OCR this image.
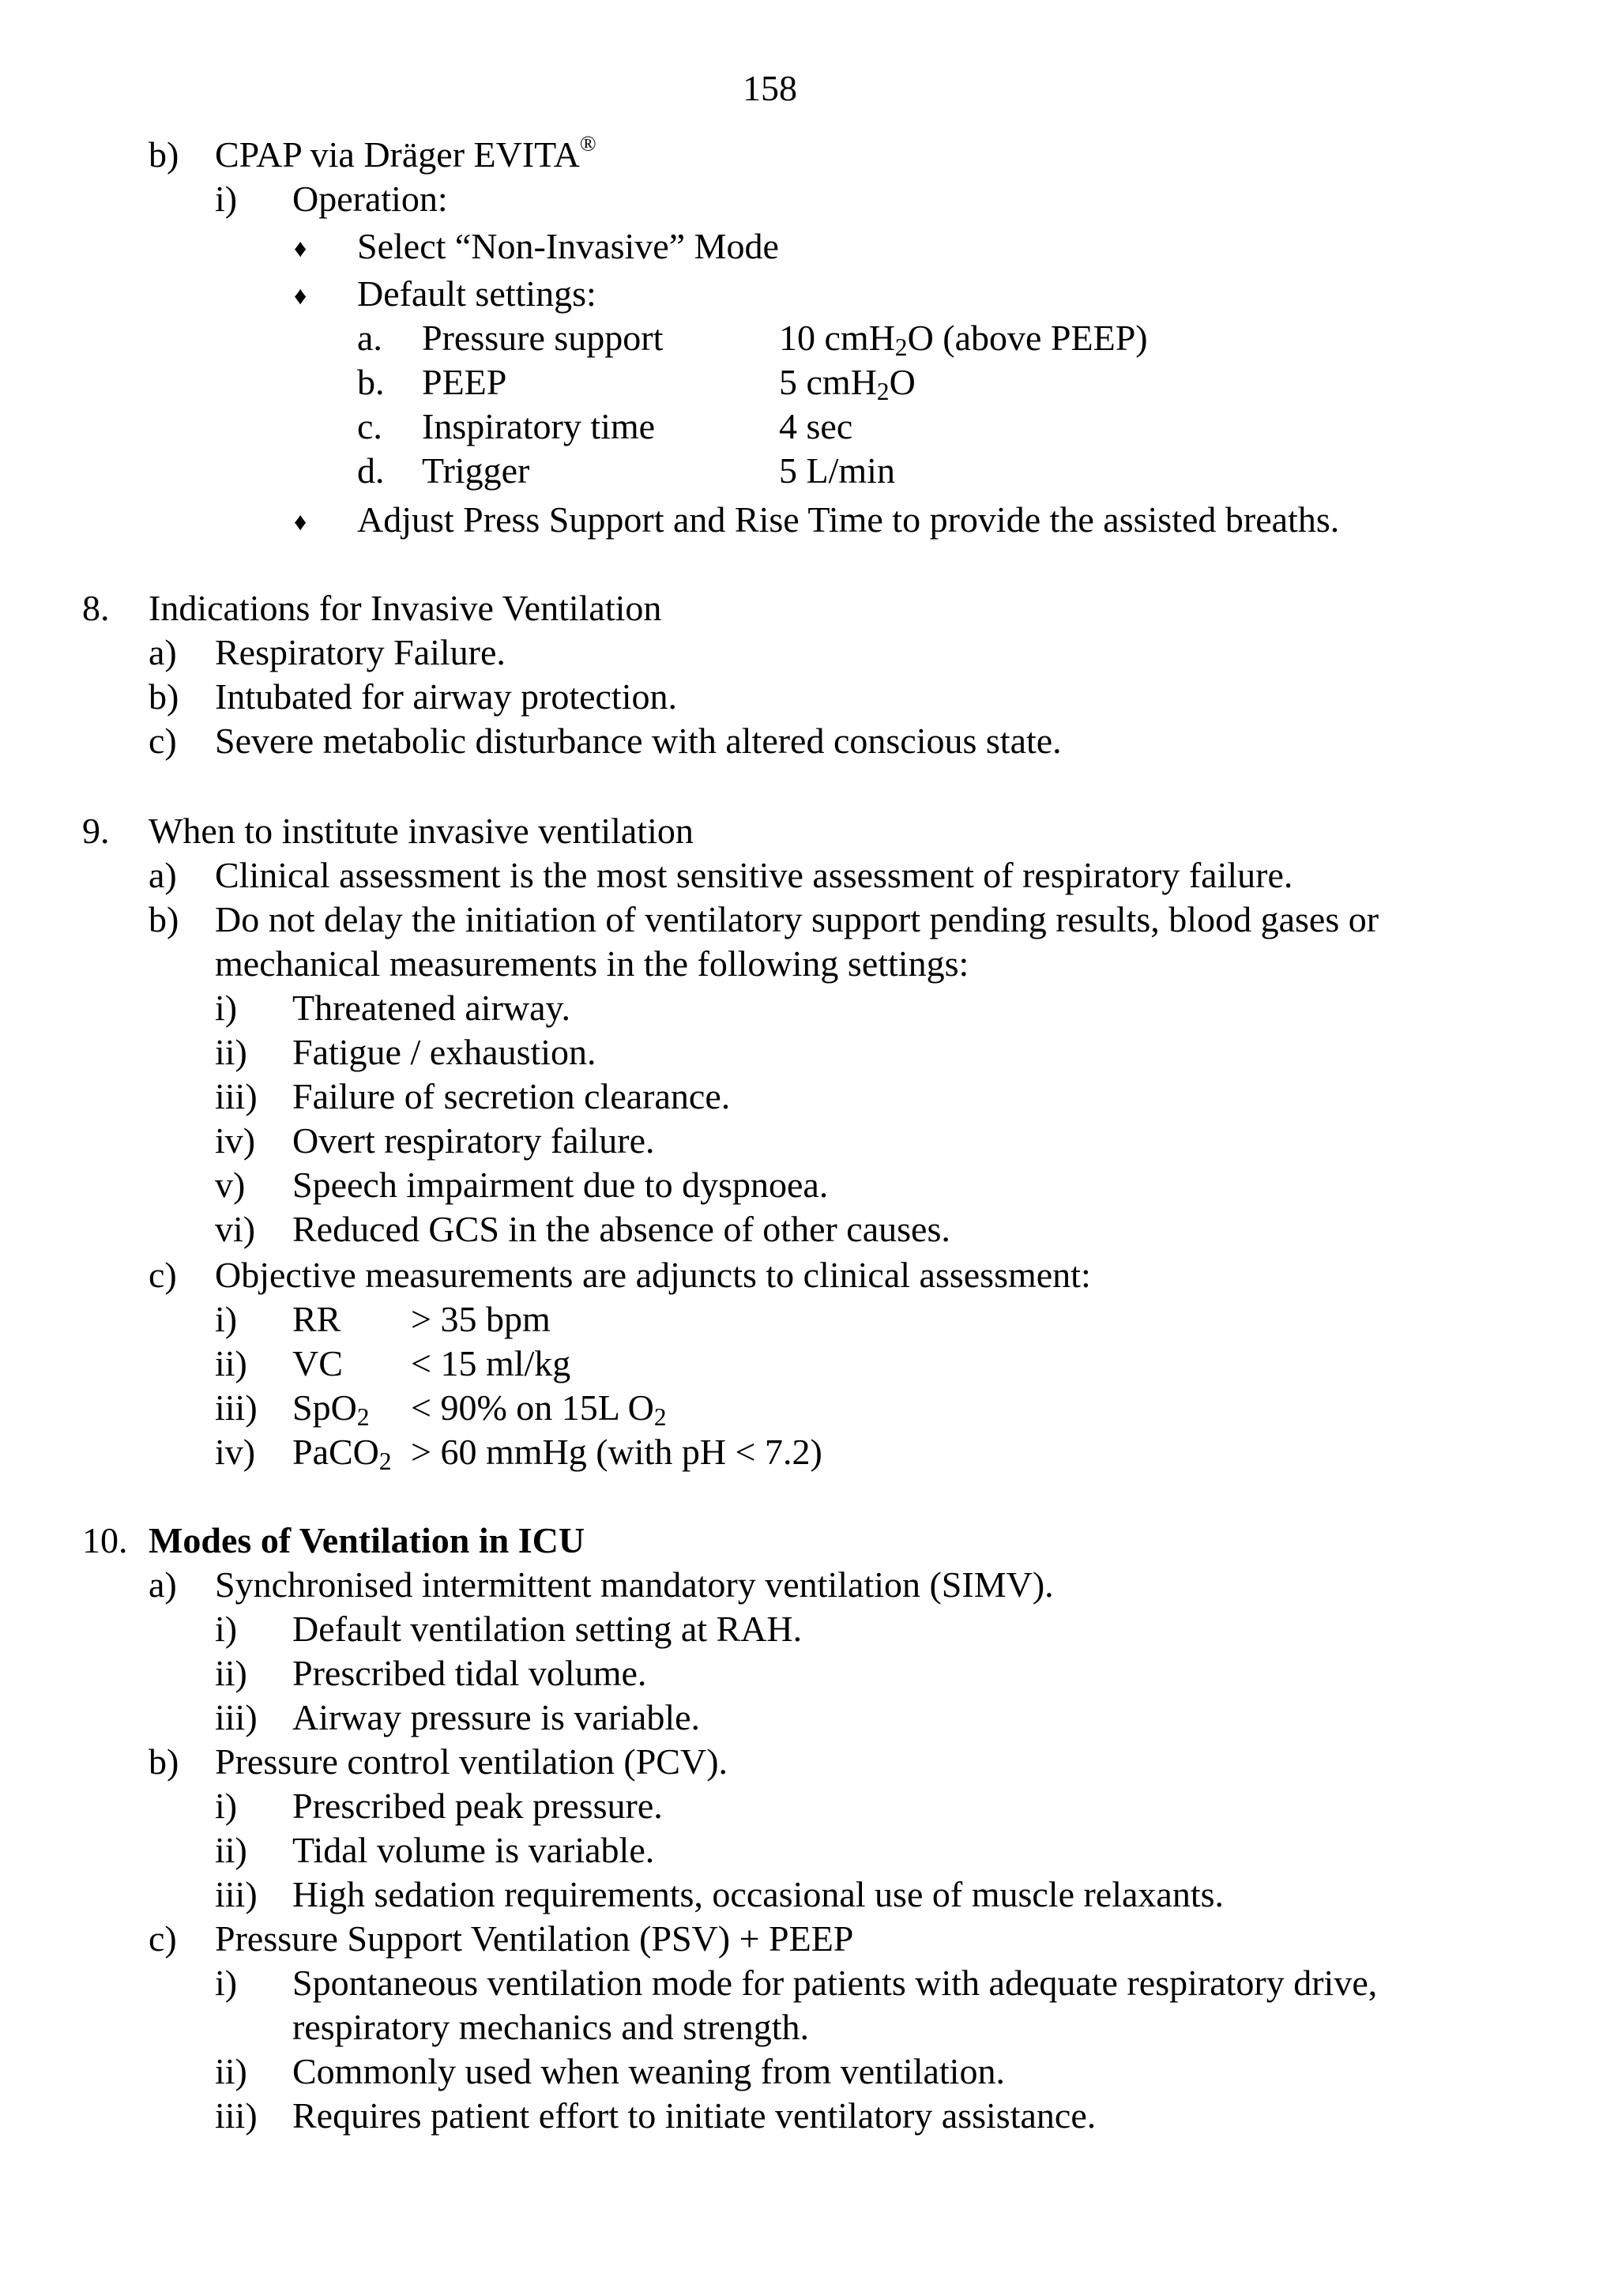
158
b) CPAP via Dräger EVITA®
i) Operation:
♦ Select “Non-Invasive” Mode
♦ Default settings:
a. Pressure support	10 cmH$_2$O (above PEEP)
b. PEEP	5 cmH$_2$O
c. Inspiratory time	4 sec
d. Trigger	5 L/min
♦ Adjust Press Support and Rise Time to provide the assisted breaths.
8. Indications for Invasive Ventilation
a) Respiratory Failure.
b) Intubated for airway protection.
c) Severe metabolic disturbance with altered conscious state.
9. When to institute invasive ventilation
a) Clinical assessment is the most sensitive assessment of respiratory failure.
b) Do not delay the initiation of ventilatory support pending results, blood gases or
mechanical measurements in the following settings:
i) Threatened airway.
ii) Fatigue / exhaustion.
iii) Failure of secretion clearance.
iv) Overt respiratory failure.
v) Speech impairment due to dyspnoea.
vi) Reduced GCS in the absence of other causes.
c) Objective measurements are adjuncts to clinical assessment:
i) RR > 35 bpm
ii) VC < 15 ml/kg
iii) SpO$_2$ < 90% on 15L $O_2$
iv) PaCO$_2$ > 60 mmHg (with pH < 7.2)
10. Modes of Ventilation in ICU
a) Synchronised intermittent mandatory ventilation (SIMV).
i) Default ventilation setting at RAH.
ii) Prescribed tidal volume.
iii) Airway pressure is variable.
b) Pressure control ventilation (PCV).
i) Prescribed peak pressure.
ii) Tidal volume is variable.
iii) High sedation requirements, occasional use of muscle relaxants.
c) Pressure Support Ventilation (PSV) + PEEP
i) Spontaneous ventilation mode for patients with adequate respiratory drive,
respiratory mechanics and strength.
ii) Commonly used when weaning from ventilation.
iii) Requires patient effort to initiate ventilatory assistance.
